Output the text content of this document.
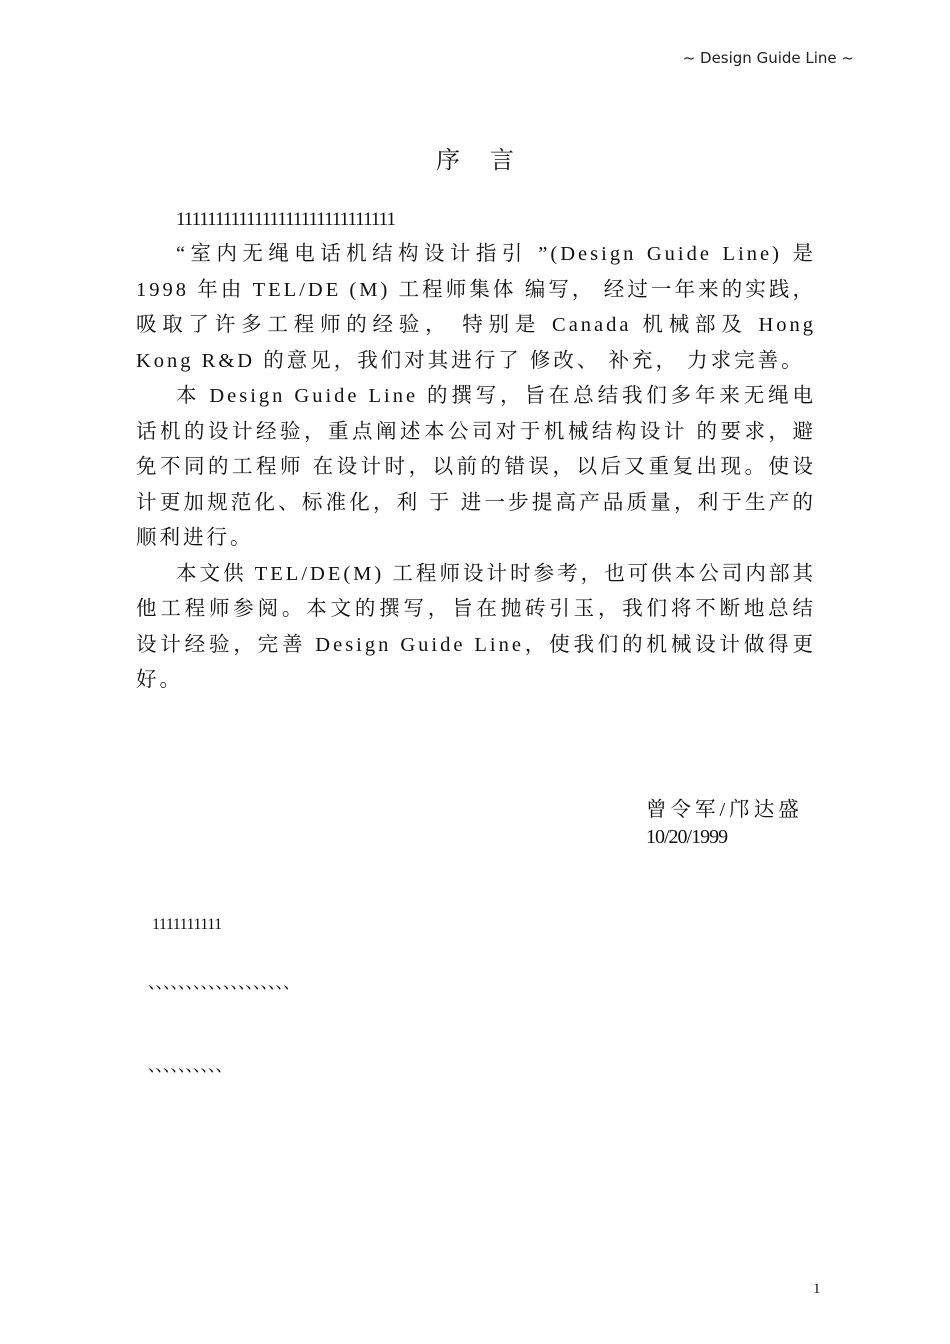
~ Design Guide Line ~
序言
1111111111111111111111111111

“室内无绳电话机结构设计指引 ”(Design Guide Line) 是 1998 年由 TEL/DE (M) 工程师集体 编写， 经过一年来的实践，吸取了许多工程师的经验， 特别是 Canada 机械部及 Hong Kong R&D 的意见，我们对其进行了 修改、 补充， 力求完善。

本 Design Guide Line 的撰写，旨在总结我们多年来无绳电话机的设计经验，重点阐述本公司对于机械结构设计 的要求，避免不同的工程师 在设计时，以前的错误，以后又重复出现。使设计更加规范化、标准化，利 于 进一步提高产品质量，利于生产的顺利进行。

本文供 TEL/DE(M) 工程师设计时参考，也可供本公司内部其他工程师参阅。本文的撰写，旨在抛砖引玉，我们将不断地总结设计经验，完善 Design Guide Line，使我们的机械设计做得更好。

曾令军/邝达盛
10/20/1999
1111111111
、、、、、、、、、、、、、、、、、、、
、、、、、、、、、、
1
